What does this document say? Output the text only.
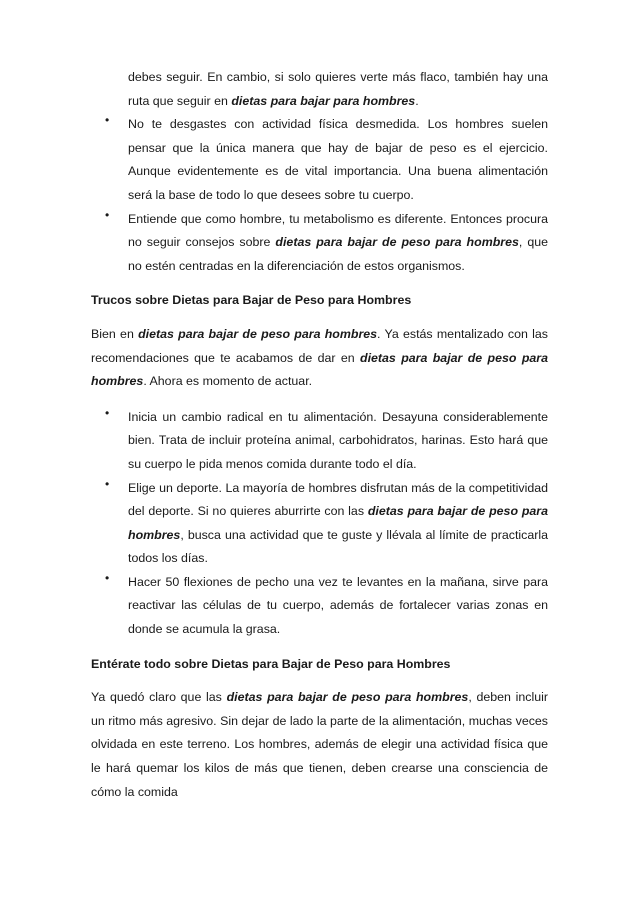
debes seguir. En cambio, si solo quieres verte más flaco, también hay una ruta que seguir en dietas para bajar para hombres.

• No te desgastes con actividad física desmedida. Los hombres suelen pensar que la única manera que hay de bajar de peso es el ejercicio. Aunque evidentemente es de vital importancia. Una buena alimentación será la base de todo lo que desees sobre tu cuerpo.

• Entiende que como hombre, tu metabolismo es diferente. Entonces procura no seguir consejos sobre dietas para bajar de peso para hombres, que no estén centradas en la diferenciación de estos organismos.

Trucos sobre Dietas para Bajar de Peso para Hombres

Bien en dietas para bajar de peso para hombres. Ya estás mentalizado con las recomendaciones que te acabamos de dar en dietas para bajar de peso para hombres. Ahora es momento de actuar.

• Inicia un cambio radical en tu alimentación. Desayuna considerablemente bien. Trata de incluir proteína animal, carbohidratos, harinas. Esto hará que su cuerpo le pida menos comida durante todo el día.

• Elige un deporte. La mayoría de hombres disfrutan más de la competitividad del deporte. Si no quieres aburrirte con las dietas para bajar de peso para hombres, busca una actividad que te guste y llévala al límite de practicarla todos los días.

• Hacer 50 flexiones de pecho una vez te levantes en la mañana, sirve para reactivar las células de tu cuerpo, además de fortalecer varias zonas en donde se acumula la grasa.

Entérate todo sobre Dietas para Bajar de Peso para Hombres

Ya quedó claro que las dietas para bajar de peso para hombres, deben incluir un ritmo más agresivo. Sin dejar de lado la parte de la alimentación, muchas veces olvidada en este terreno. Los hombres, además de elegir una actividad física que le hará quemar los kilos de más que tienen, deben crearse una consciencia de cómo la comida
